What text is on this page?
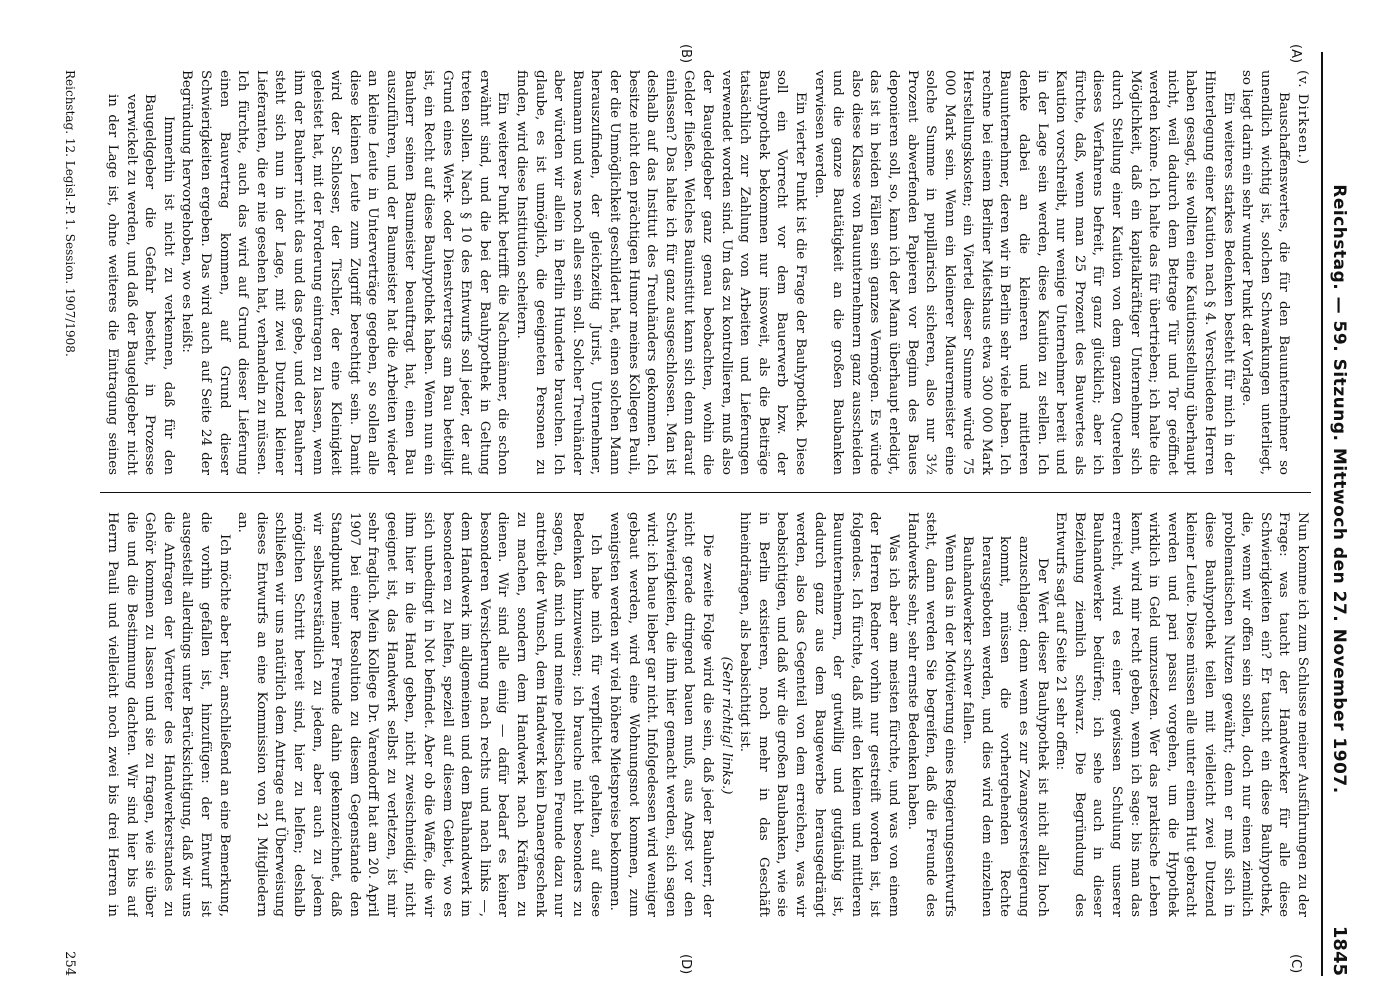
Reichstag. — 59. Sitzung. Mittwoch den 27. November 1907.
1845
(A)
(B)
(C)
(D)

(v. Dirksen.)

Bauschaffenswertes, die für den Bauunternehmer so unendlich wichtig ist, solchen Schwankungen unterliegt, so liegt darin ein sehr wunder Punkt der Vorlage.

Ein weiteres starkes Bedenken besteht für mich in der Hinterlegung einer Kaution nach § 4. Verschiedene Herren haben gesagt, sie wollten eine Kautionsstellung überhaupt nicht, weil dadurch dem Betrage Tür und Tor geöffnet werden könne. Ich halte das für übertrieben; ich halte die Möglichkeit, daß ein kapitalkräftiger Unternehmer sich durch Stellung einer Kaution von dem ganzen Querelen dieses Verfahrens befreit, für ganz glücklich; aber ich fürchte, daß, wenn man 25 Prozent des Bauwertes als Kaution vorschreibt, nur wenige Unternehmer bereit und in der Lage sein werden, diese Kaution zu stellen. Ich denke dabei an die kleineren und mittleren Bauunternehmer, deren wir in Berlin sehr viele haben. Ich rechne bei einem Berliner Mietshaus etwa 300 000 Mark Herstellungskosten; ein Viertel dieser Summe würde 75 000 Mark sein. Wenn ein kleinerer Maurermeister eine solche Summe in pupillarisch sicheren, also nur 3½ Prozent abwerfenden Papieren vor Beginn des Baues deponieren soll, so, kann ich der Mann überhaupt erledigt, das ist in beiden Fällen sein ganzes Vermögen. Es würde also diese Klasse von Bauunternehmern ganz ausscheiden und die ganze Bautätigkeit an die großen Baubanken verwiesen werden.

Ein vierter Punkt ist die Frage der Bauhypothek. Diese soll ein Vorrecht vor dem Bauerwerb bzw. der Bauhypothek bekommen nur insoweit, als die Beiträge tatsächlich zur Zahlung von Arbeiten und Lieferungen verwendet worden sind. Um das zu kontrollieren, muß also der Baugeldgeber ganz genau beobachten, wohin die Gelder fließen. Welches Bauinstitut kann sich denn darauf einlassen? Das halte ich für ganz ausgeschlossen. Man ist deshalb auf das Institut des Treuhänders gekommen. Ich besitze nicht den prächtigen Humor meines Kollegen Pauli, der die Unmöglichkeit geschildert hat, einen solchen Mann herauszufinden, der gleichzeitig Jurist, Unternehmer, Baumann und was noch alles sein soll. Solcher Treuhänder aber würden wir allein in Berlin Hunderte brauchen. Ich glaube, es ist unmöglich, die geeigneten Personen zu finden, wird diese Institution scheitern.

Ein weiterer Punkt betrifft die Nachmänner, die schon erwähnt sind, und die bei der Bauhypothek in Geltung treten sollen. Nach § 10 des Entwurfs soll jeder, der auf Grund eines Werk- oder Dienstvertrags am Bau beteiligt ist, ein Recht auf diese Bauhypothek haben. Wenn nun ein Bauherr seinen Baumeister beauftragt hat, einen Bau auszuführen, und der Baumeister hat die Arbeiten wieder an kleine Leute in Unterverträge gegeben, so sollen alle diese kleinen Leute zum Zugriff berechtigt sein. Damit wird der Schlosser, der Tischler, der eine Kleinigkeit geleistet hat, mit der Forderung eintragen zu lassen, wenn ihm der Bauherr nicht das und das gebe, und der Bauherr steht sich nun in der Lage, mit zwei Dutzend kleiner Lieferanten, die er nie gesehen hat, verhandeln zu müssen. Ich fürchte, auch das wird auf Grund dieser Lieferung einen Bauvertrag kommen, auf Grund dieser Schwierigkeiten ergeben. Das wird auch auf Seite 24 der Begründung hervorgehoben, wo es heißt:

Immerhin ist nicht zu verkennen, daß für den Baugeldgeber die Gefahr besteht, in Prozesse verwickelt zu werden, und daß der Baugeldgeber nicht in der Lage ist, ohne weiteres die Eintragung seines

Nun komme ich zum Schlusse meiner Ausführungen zu der Frage: was taucht der Handwerker für alle diese Schwierigkeiten ein? Er tauscht ein diese Bauhypothek, die, wenn wir offen sein sollen, doch nur einen ziemlich problematischen Nutzen gewährt; denn er muß sich in diese Bauhypothek teilen mit vielleicht zwei Dutzend kleiner Leute. Diese müssen alle unter einem Hut gebracht werden und pari passu vorgehen, um die Hypothek wirklich in Geld umzusetzen. Wer das praktische Leben kennt, wird mir recht geben, wenn ich sage: bis man das erreicht, wird es einer gewissen Schulung unserer Bauhandwerker bedürfen; ich sehe auch in dieser Beziehung ziemlich schwarz. Die Begründung des Entwurfs sagt auf Seite 21 sehr offen:

Der Wert dieser Bauhypothek ist nicht allzu hoch anzuschlagen; denn wenn es zur Zwangsversteigerung kommt, müssen die vorhergehenden Rechte herausgeboten werden, und dies wird dem einzelnen Bauhandwerker schwer fallen.

Wenn das in der Motivierung eines Regierungsentwurfs steht, dann werden Sie begreifen, daß die Freunde des Handwerks sehr, sehr ernste Bedenken haben.

Was ich aber am meisten fürchte, und was von einem der Herren Redner vorhin nur gestreift worden ist, ist folgendes. Ich fürchte, daß mit den kleinen und mittleren Bauunternehmern, der gutwillig und gutgläubig ist, dadurch ganz aus dem Baugewerbe herausgedrängt werden, also das Gegenteil von dem erreichen, was wir beabsichtigen, und daß wir die großen Baubanken, wie sie in Berlin existieren, noch mehr in das Geschäft hineindrängen, als beabsichtigt ist.

(Sehr richtig! links.)

Die zweite Folge wird die sein, daß jeder Bauherr, der nicht gerade dringend bauen muß, aus Angst vor den Schwierigkeiten, die ihm hier gemacht werden, sich sagen wird: ich baue lieber gar nicht. Infolgedessen wird weniger gebaut werden, wird eine Wohnungsnot kommen, zum wenigsten werden wir viel höhere Mietspreise bekommen.

Ich habe mich für verpflichtet gehalten, auf diese Bedenken hinzuweisen; ich brauche nicht besonders zu sagen, daß mich und meine politischen Freunde dazu nur antreibt der Wunsch, dem Handwerk kein Danaergeschenk zu machen, sondern dem Handwerk nach Kräften zu dienen. Wir sind alle einig — dafür bedarf es keiner besonderen Versicherung nach rechts und nach links —, dem Handwerk im allgemeinen und dem Bauhandwerk im besonderen zu helfen, speziell auf diesem Gebiet, wo es sich unbedingt in Not befindet. Aber ob die Waffe, die wir ihm hier in die Hand geben, nicht zweischneidig, nicht geeignet ist, das Handwerk selbst zu verletzen, ist mir sehr fraglich. Mein Kollege Dr. Varendorff hat am 20. April 1907 bei einer Resolution zu diesem Gegenstande den Standpunkt meiner Freunde dahin gekennzeichnet, daß wir selbstverständlich zu jedem, aber auch zu jedem möglichen Schritt bereit sind, hier zu helfen; deshalb schließen wir uns natürlich dem Antrage auf Überweisung dieses Entwurfs an eine Kommission von 21 Mitgliedern an.

Ich möchte aber hier, anschließend an eine Bemerkung, die vorhin gefallen ist, hinzufügen: der Entwurf ist ausgestellt allerdings unter Berücksichtigung, daß wir uns die Anfragen der Vertreter des Handwerkerstandes zu Gehör kommen zu lassen und sie zu fragen, wie sie über die und die Bestimmung dachten. Wir sind hier bis auf Herrn Pauli und vielleicht noch zwei bis drei Herren in

Reichstag. 12. Legisl.-P. 1. Session. 1907/1908.
254
